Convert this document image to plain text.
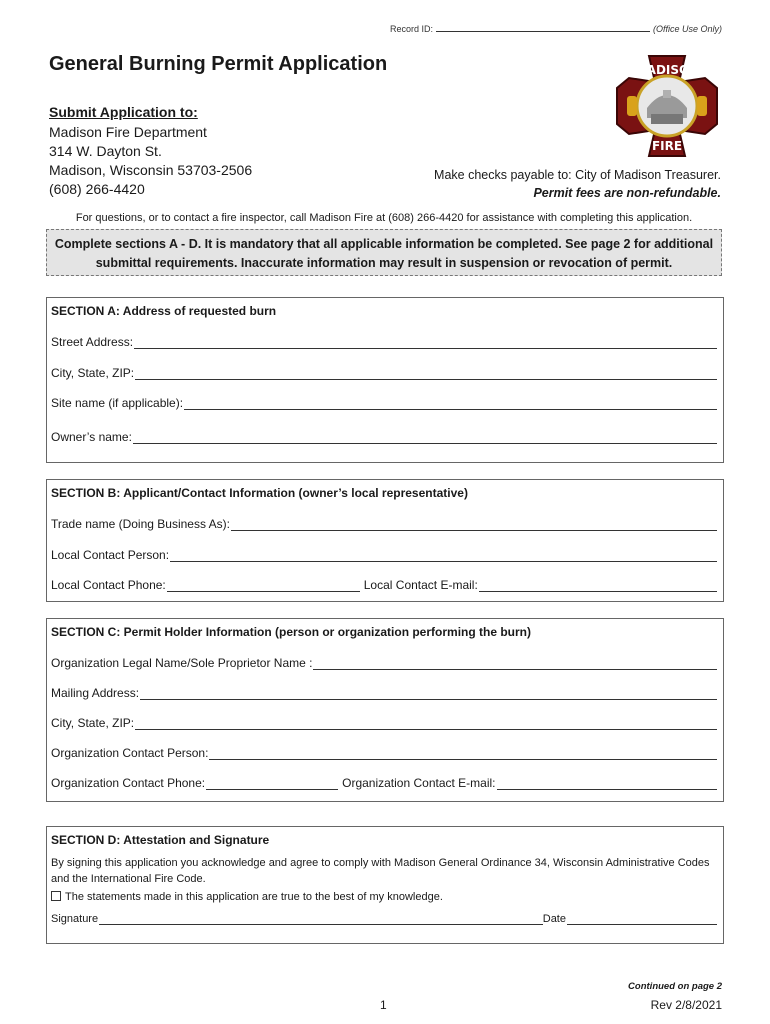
Record ID:	(Office Use Only)
General Burning Permit Application	MADISON
FIRE
Submit Application to:
Madison Fire Department
314 W. Dayton St.
Madison, Wisconsin 53703-2506
(608) 266-4420
Make checks payable to: City of Madison Treasurer.
Permit fees are non-refundable.
For questions, or to contact a fire inspector, call Madison Fire at (608) 266-4420 for assistance with completing this application.
Complete sections A - D. It is mandatory that all applicable information be completed. See page 2 for additional
submittal requirements. Inaccurate information may result in suspension or revocation of permit.
SECTION A: Address of requested burn
Street Address:
City, State, ZIP:
Site name (if applicable):
Owner’s name:
SECTION B: Applicant/Contact Information (owner’s local representative)
Trade name (Doing Business As):
Local Contact Person:
Local Contact Phone:	Local Contact E-mail:
SECTION C: Permit Holder Information (person or organization performing the burn)
Organization Legal Name/Sole Proprietor Name :
Mailing Address:
City, State, ZIP:
Organization Contact Person:
Organization Contact Phone:	Organization Contact E-mail:
SECTION D: Attestation and Signature
By signing this application you acknowledge and agree to comply with Madison General Ordinance 34, Wisconsin Administrative Codes and the International Fire Code.
The statements made in this application are true to the best of my knowledge.
Signature	Date
Continued on page 2
1	Rev 2/8/2021
